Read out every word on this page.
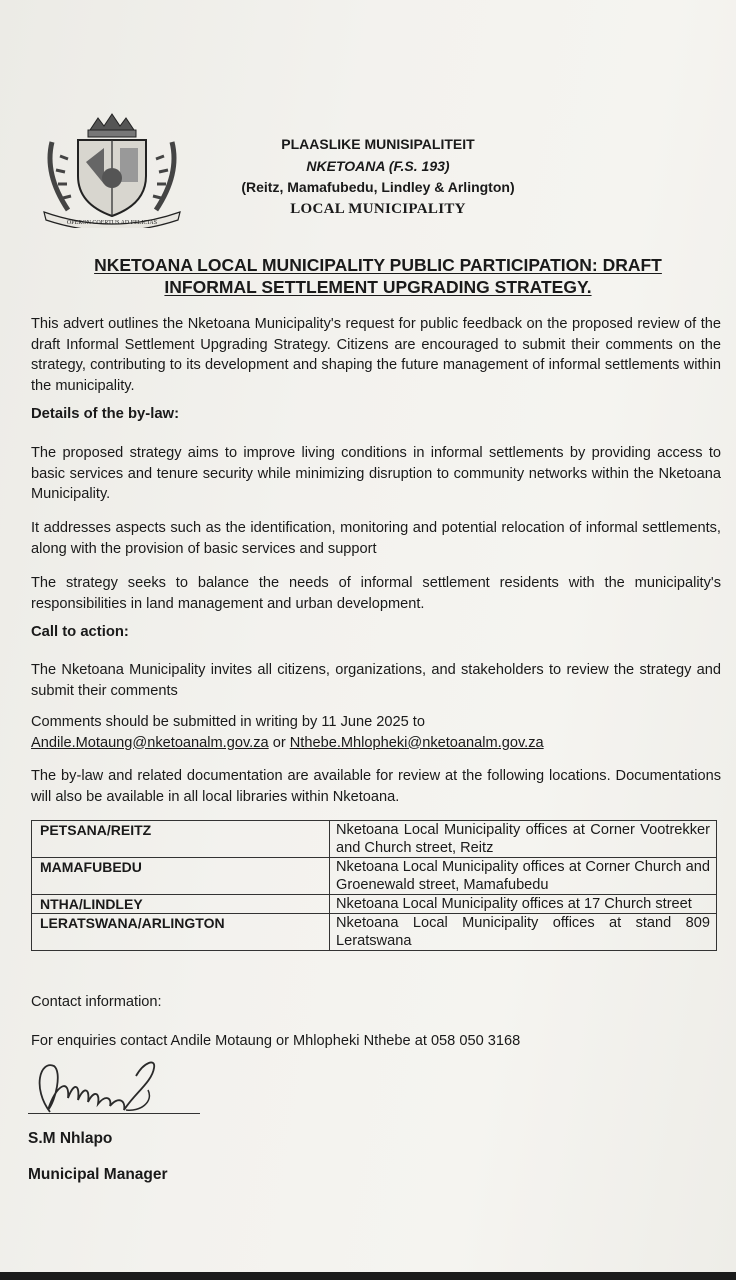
OPERON COERTUS AD FELICIAS
PLAASLIKE MUNISIPALITEIT
NKETOANA (F.S. 193)
(Reitz, Mamafubedu, Lindley & Arlington)
LOCAL MUNICIPALITY
NKETOANA LOCAL MUNICIPALITY PUBLIC PARTICIPATION: DRAFT
INFORMAL SETTLEMENT UPGRADING STRATEGY.
This advert outlines the Nketoana Municipality's request for public feedback on the proposed review of the draft Informal Settlement Upgrading Strategy. Citizens are encouraged to submit their comments on the strategy, contributing to its development and shaping the future management of informal settlements within the municipality.
Details of the by-law:
The proposed strategy aims to improve living conditions in informal settlements by providing access to basic services and tenure security while minimizing disruption to community networks within the Nketoana Municipality.
It addresses aspects such as the identification, monitoring and potential relocation of informal settlements, along with the provision of basic services and support
The strategy seeks to balance the needs of informal settlement residents with the municipality's responsibilities in land management and urban development.
Call to action:
The Nketoana Municipality invites all citizens, organizations, and stakeholders to review the strategy and submit their comments
Comments should be submitted in writing by 11 June 2025 to
Andile.Motaung@nketoanalm.gov.za or Nthebe.Mhlopheki@nketoanalm.gov.za
The by-law and related documentation are available for review at the following locations. Documentations will also be available in all local libraries within Nketoana.
PETSANA/REITZ	Nketoana Local Municipality offices at Corner Vootrekker and Church street, Reitz
MAMAFUBEDU	Nketoana Local Municipality offices at Corner Church and Groenewald street, Mamafubedu
NTHA/LINDLEY	Nketoana Local Municipality offices at 17 Church street
LERATSWANA/ARLINGTON	Nketoana Local Municipality offices at stand 809 Leratswana
Contact information:
For enquiries contact Andile Motaung or Mhlopheki Nthebe at 058 050 3168
S.M Nhlapo
Municipal Manager
